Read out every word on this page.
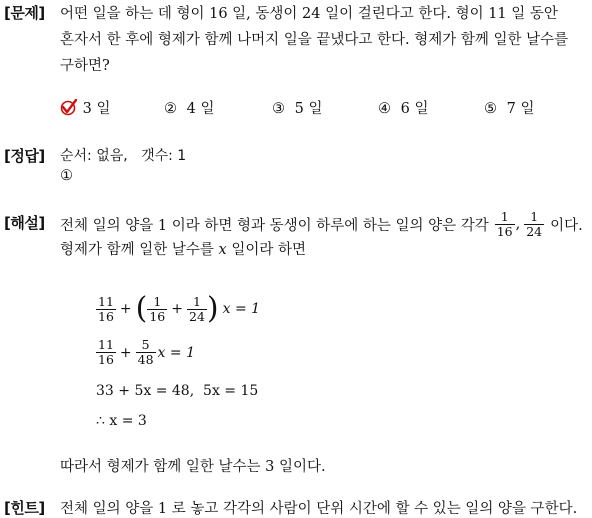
[문제] 어떤 일을 하는 데 형이 16 일, 동생이 24 일이 걸린다고 한다. 형이 11 일 동안
혼자서 한 후에 형제가 함께 나머지 일을 끝냈다고 한다. 형제가 함께 일한 날수를
구하면?
3 일	② 4 일	③ 5 일	④ 6 일	⑤ 7 일
[정답] 순서: 없음,   갯수: 1
①
[해설] 전체 일의 양을 1 이라 하면 형과 동생이 하루에 하는 일의 양은 각각 $\frac{1}{16}$ , $\frac{1}{24}$ 이다.
형제가 함께 일한 날수를 x 일이라 하면
$\frac{11}{16}$ + ( $\frac{1}{16} + \frac{1}{24}$ ) x = 1
$\frac{11}{16} + \frac{5}{48}$ x = 1
33 + 5x = 48,  5x = 15
∴ x = 3
따라서 형제가 함께 일한 날수는 3 일이다.
[힌트] 전체 일의 양을 1 로 놓고 각각의 사람이 단위 시간에 할 수 있는 일의 양을 구한다.
